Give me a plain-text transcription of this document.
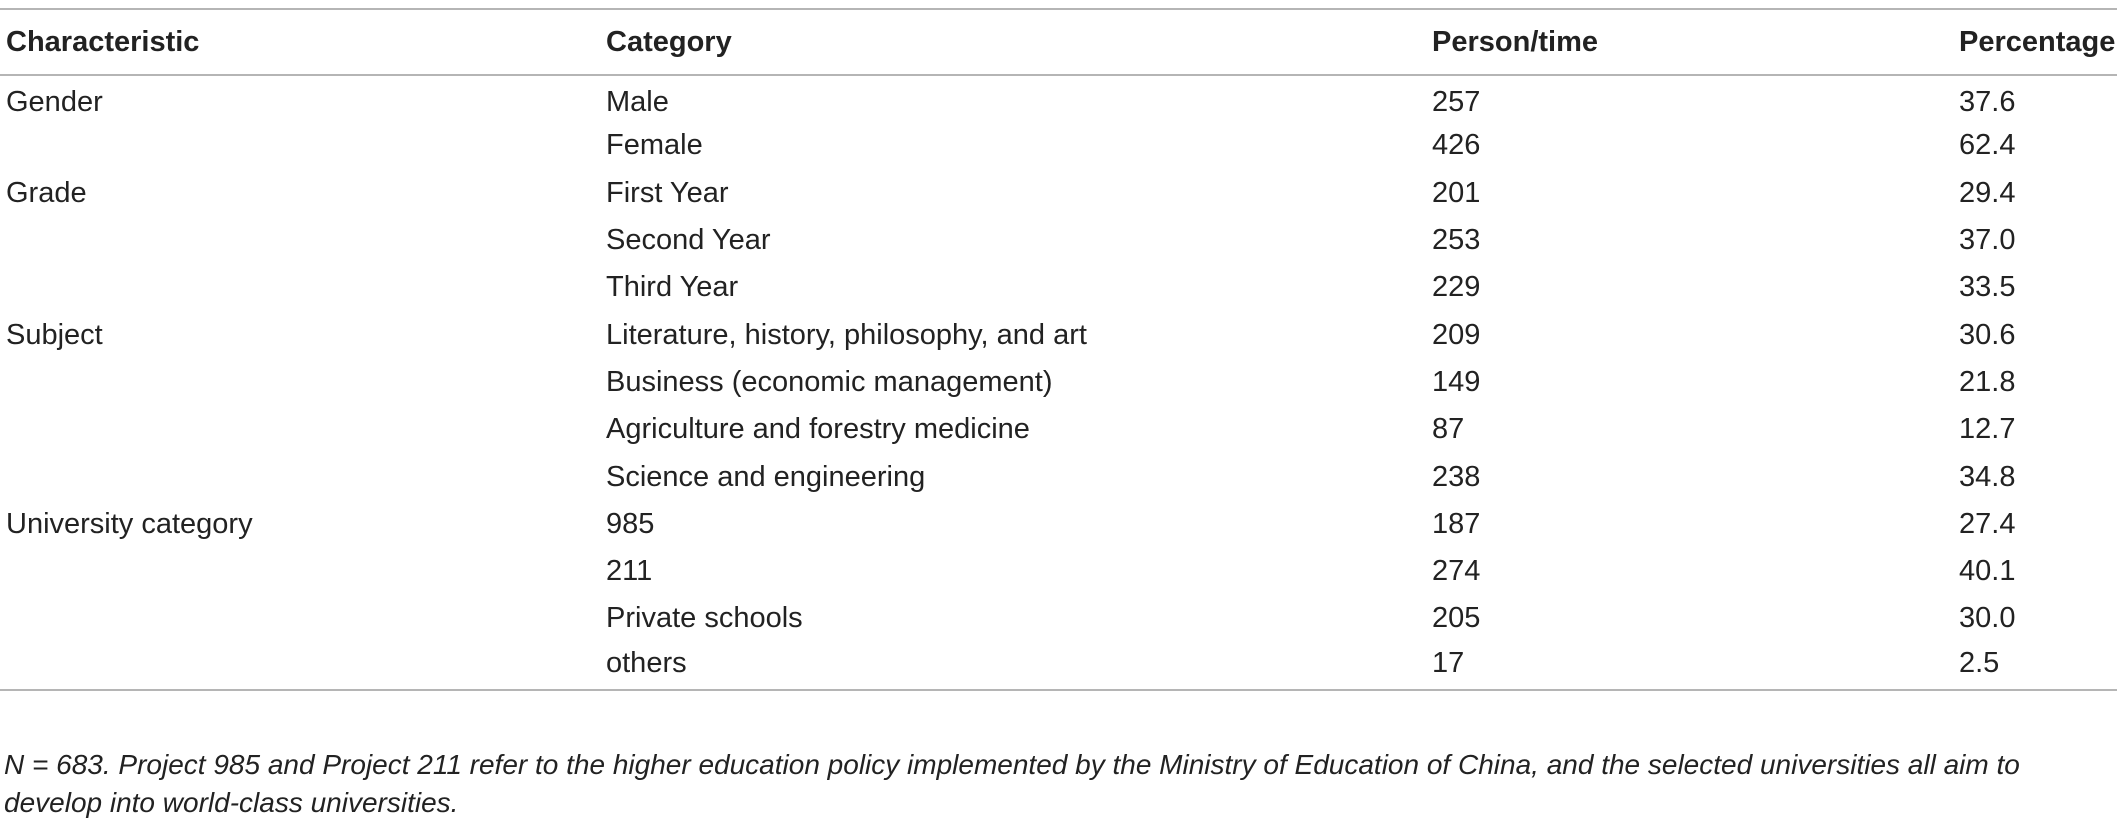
Characteristic	Category	Person/time	Percentage
Gender	Male	257	37.6
	Female	426	62.4
Grade	First Year	201	29.4
	Second Year	253	37.0
	Third Year	229	33.5
Subject	Literature, history, philosophy, and art	209	30.6
	Business (economic management)	149	21.8
	Agriculture and forestry medicine	87	12.7
	Science and engineering	238	34.8
University category	985	187	27.4
	211	274	40.1
	Private schools	205	30.0
	others	17	2.5

N = 683. Project 985 and Project 211 refer to the higher education policy implemented by the Ministry of Education of China, and the selected universities all aim to develop into world-class universities.
